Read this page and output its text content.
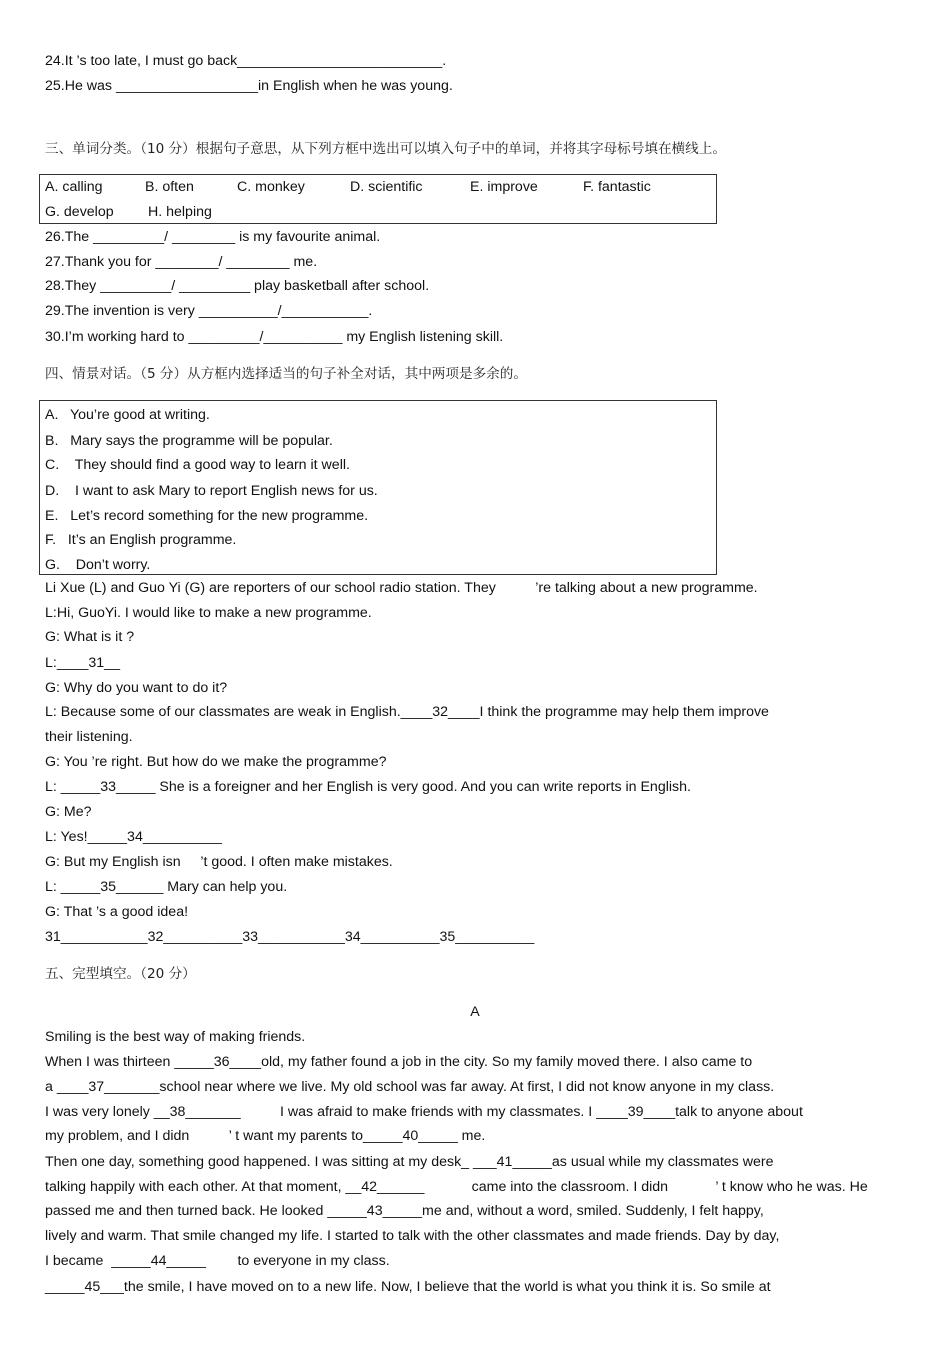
24.It ’s too late, I must go back__________________________.
25.He was __________________in English when he was young.
三、单词分类。（10 分）根据句子意思，从下列方框中选出可以填入句子中的单词，并将其字母标号填在横线上。
A. calling	B. often	C. monkey	D. scientific	E. improve	F. fantastic
G. develop H. helping
26.The _________/ ________ is my favourite animal.
27.Thank you for ________/ ________ me.
28.They _________/ _________ play basketball after school.
29.The invention is very __________/___________.
30.I’m working hard to _________/__________ my English listening skill.
四、情景对话。（5 分）从方框内选择适当的句子补全对话，其中两项是多余的。
A.   You’re good at writing.
B.   Mary says the programme will be popular.
C.    They should find a good way to learn it well.
D.    I want to ask Mary to report English news for us.
E.   Let’s record something for the new programme.
F.   It’s an English programme.
G.    Don’t worry.
Li Xue (L) and Guo Yi (G) are reporters of our school radio station. They          ’re talking about a new programme.
L:Hi, GuoYi. I would like to make a new programme.
G: What is it ?
L:____31__
G: Why do you want to do it?
L: Because some of our classmates are weak in English.____32____I think the programme may help them improve
their listening.
G: You ’re right. But how do we make the programme?
L: _____33_____ She is a foreigner and her English is very good. And you can write reports in English.
G: Me?
L: Yes!_____34__________
G: But my English isn     ’t good. I often make mistakes.
L: _____35______ Mary can help you.
G: That ’s a good idea!
31___________32__________33___________34__________35__________
五、完型填空。（20 分）
A
Smiling is the best way of making friends.
When I was thirteen _____36____old, my father found a job in the city. So my family moved there. I also came to
a ____37_______school near where we live. My old school was far away. At first, I did not know anyone in my class.
I was very lonely __38_______          I was afraid to make friends with my classmates. I ____39____talk to anyone about
my problem, and I didn          ’ t want my parents to_____40_____ me.
Then one day, something good happened. I was sitting at my desk_ ___41_____as usual while my classmates were
talking happily with each other. At that moment, __42______            came into the classroom. I didn            ’ t know who he was. He
passed me and then turned back. He looked _____43_____me and, without a word, smiled. Suddenly, I felt happy,
lively and warm. That smile changed my life. I started to talk with the other classmates and made friends. Day by day,
I became  _____44_____        to everyone in my class.
_____45___the smile, I have moved on to a new life. Now, I believe that the world is what you think it is. So smile at
